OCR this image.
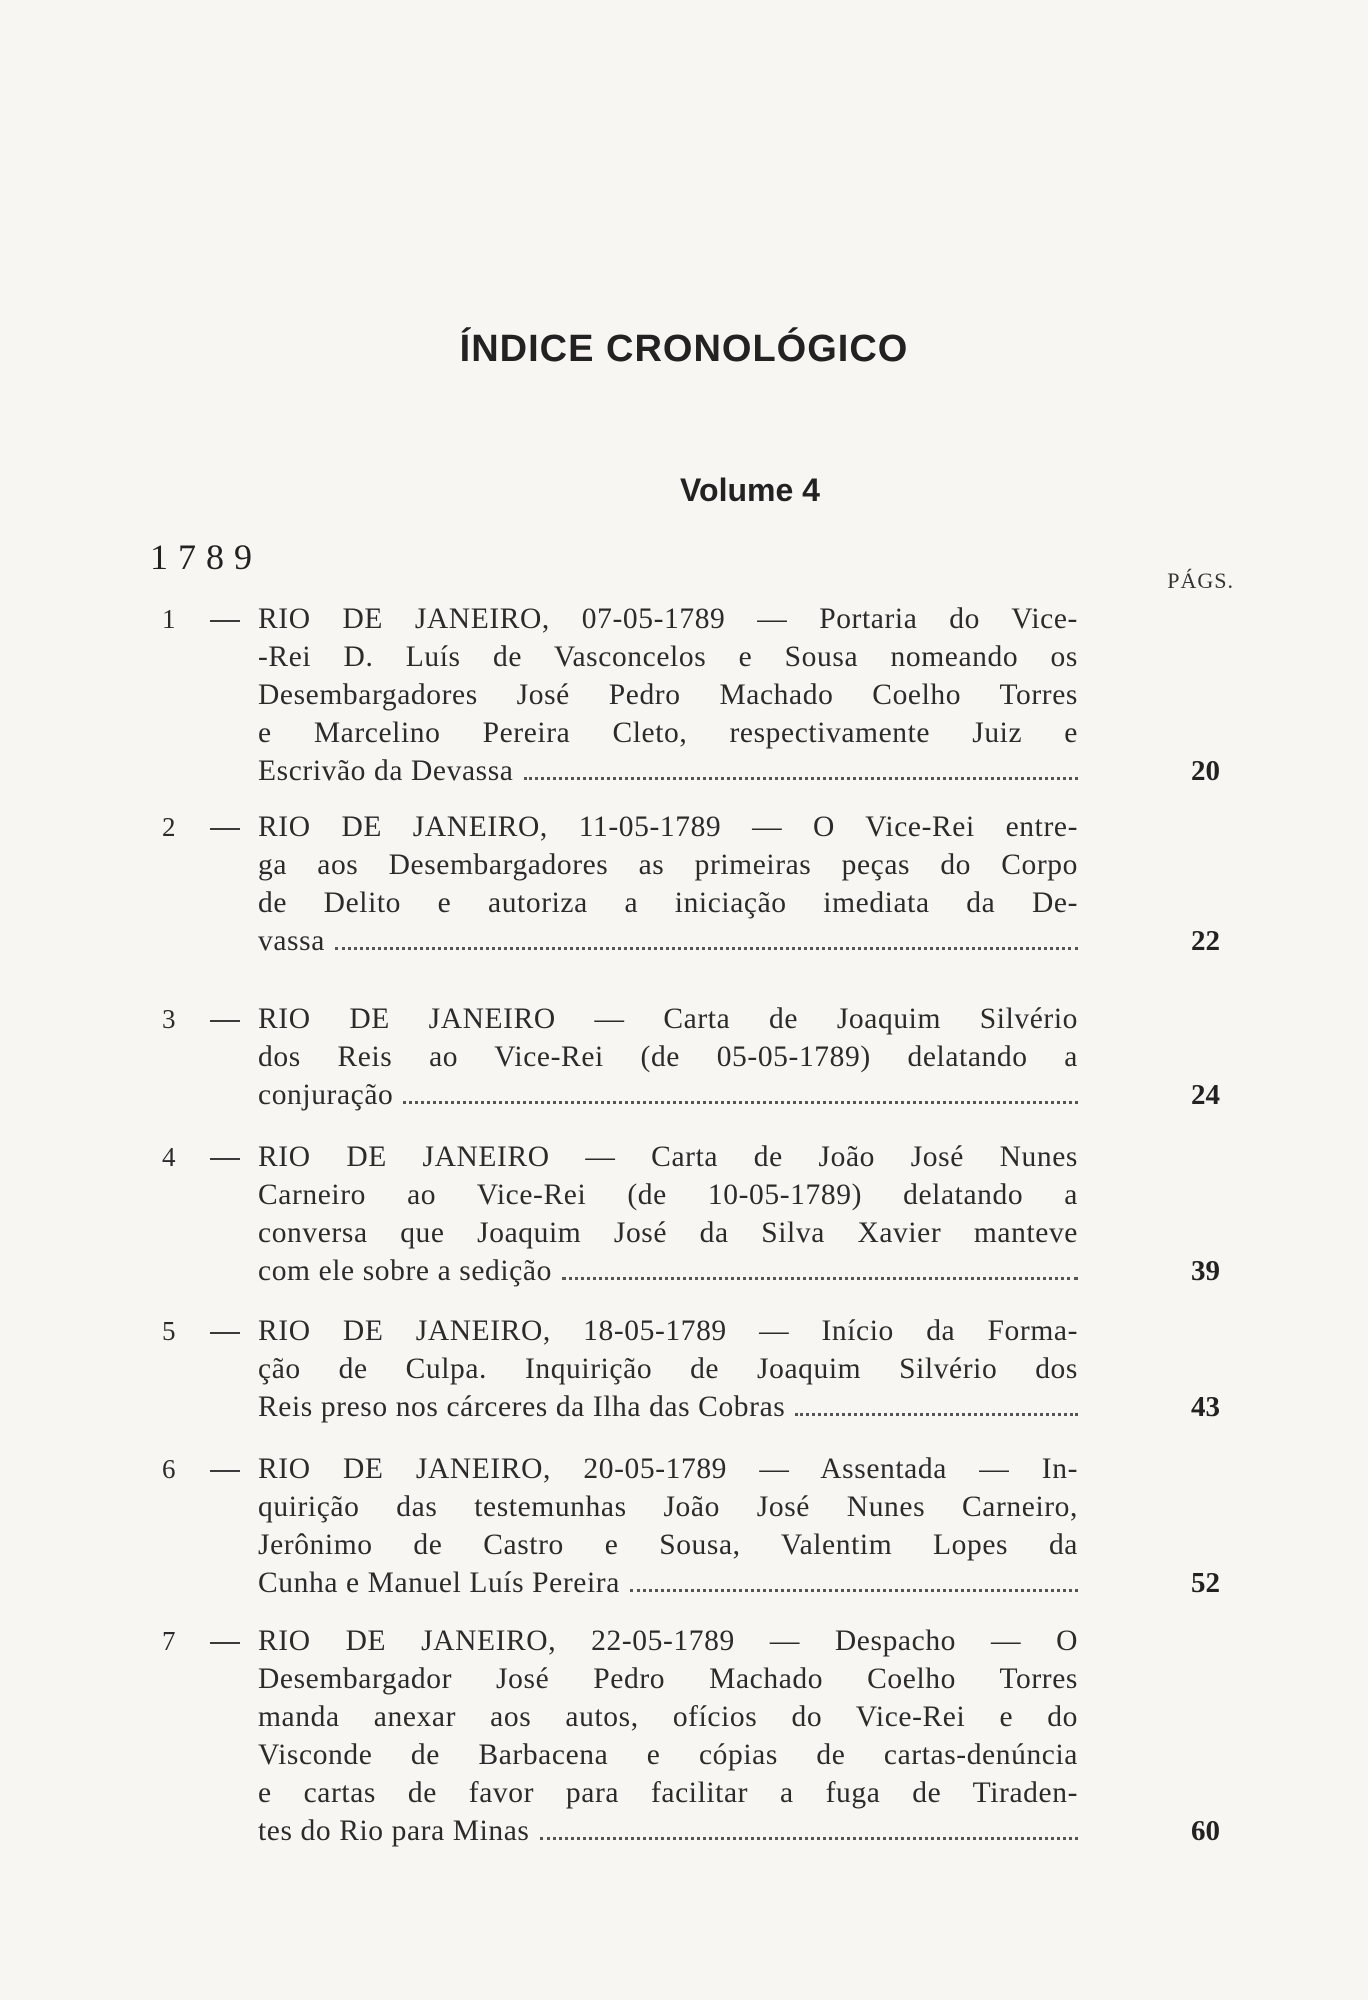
ÍNDICE CRONOLÓGICO
Volume 4
1789
PÁGS.
1	RIO DE JANEIRO, 07-05-1789 — Portaria do Vice-
-Rei D. Luís de Vasconcelos e Sousa nomeando os
Desembargadores José Pedro Machado Coelho Torres
e Marcelino Pereira Cleto, respectivamente Juiz e
Escrivão da Devassa	20
2	RIO DE JANEIRO, 11-05-1789 — O Vice-Rei entre-
ga aos Desembargadores as primeiras peças do Corpo
de Delito e autoriza a iniciação imediata da De-
vassa	22
3	RIO DE JANEIRO — Carta de Joaquim Silvério
dos Reis ao Vice-Rei (de 05-05-1789) delatando a
conjuração	24
4	RIO DE JANEIRO — Carta de João José Nunes
Carneiro ao Vice-Rei (de 10-05-1789) delatando a
conversa que Joaquim José da Silva Xavier manteve
com ele sobre a sedição	39
5	RIO DE JANEIRO, 18-05-1789 — Início da Forma-
ção de Culpa. Inquirição de Joaquim Silvério dos
Reis preso nos cárceres da Ilha das Cobras	43
6	RIO DE JANEIRO, 20-05-1789 — Assentada — In-
quirição das testemunhas João José Nunes Carneiro,
Jerônimo de Castro e Sousa, Valentim Lopes da
Cunha e Manuel Luís Pereira	52
7	RIO DE JANEIRO, 22-05-1789 — Despacho — O
Desembargador José Pedro Machado Coelho Torres
manda anexar aos autos, ofícios do Vice-Rei e do
Visconde de Barbacena e cópias de cartas-denúncia
e cartas de favor para facilitar a fuga de Tiraden-
tes do Rio para Minas	60
